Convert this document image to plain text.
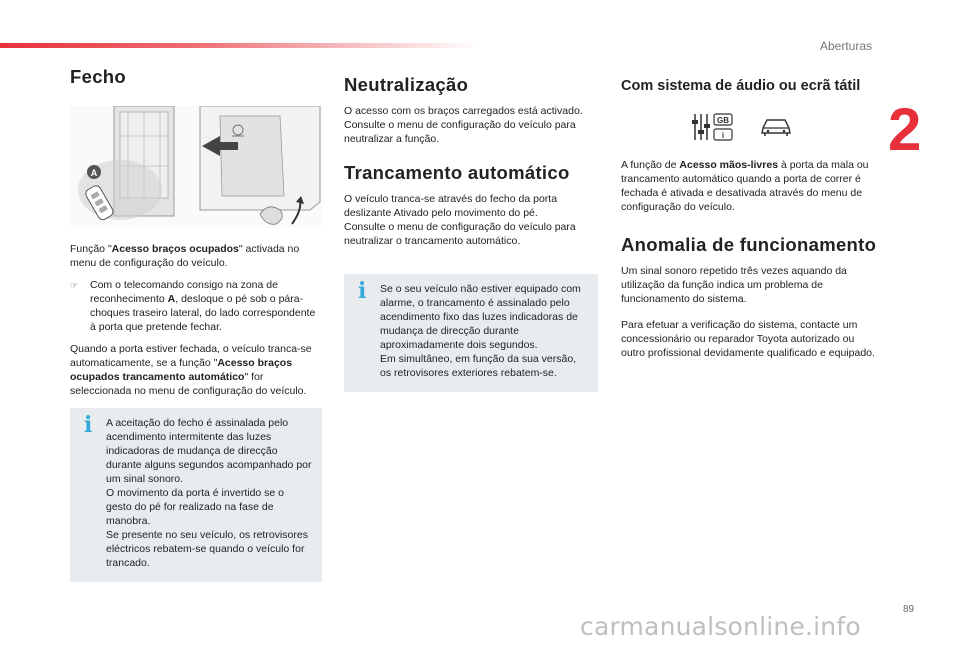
Aberturas
2
89
carmanualsonline.info
Fecho
A

Função "Acesso braços ocupados" activada no menu de configuração do veículo.

☞	Com o telecomando consigo na zona de reconhecimento A, desloque o pé sob o pára-choques traseiro lateral, do lado correspondente à porta que pretende fechar.

Quando a porta estiver fechada, o veículo tranca-se automaticamente, se a função "Acesso braços ocupados trancamento automático" for seleccionada no menu de configuração do veículo.

i A aceitação do fecho é assinalada pelo acendimento intermitente das luzes indicadoras de mudança de direcção durante alguns segundos acompanhado por um sinal sonoro.
O movimento da porta é invertido se o gesto do pé for realizado na fase de manobra.
Se presente no seu veículo, os retrovisores eléctricos rebatem-se quando o veículo for trancado.
Neutralização

O acesso com os braços carregados está activado.

Consulte o menu de configuração do veículo para neutralizar a função.

Trancamento automático

O veículo tranca-se através do fecho da porta deslizante Ativado pelo movimento do pé.

Consulte o menu de configuração do veículo para neutralizar o trancamento automático.

i Se o seu veículo não estiver equipado com alarme, o trancamento é assinalado pelo acendimento fixo das luzes indicadoras de mudança de direcção durante aproximadamente dois segundos.
Em simultâneo, em função da sua versão, os retrovisores exteriores rebatem-se.
Com sistema de áudio ou ecrã tátil
GB
i

A função de Acesso mãos-livres à porta da mala ou trancamento automático quando a porta de correr é fechada é ativada e desativada através do menu de configuração do veículo.

Anomalia de funcionamento

Um sinal sonoro repetido três vezes aquando da utilização da função indica um problema de funcionamento do sistema.

Para efetuar a verificação do sistema, contacte um concessionário ou reparador Toyota autorizado ou outro profissional devidamente qualificado e equipado.
